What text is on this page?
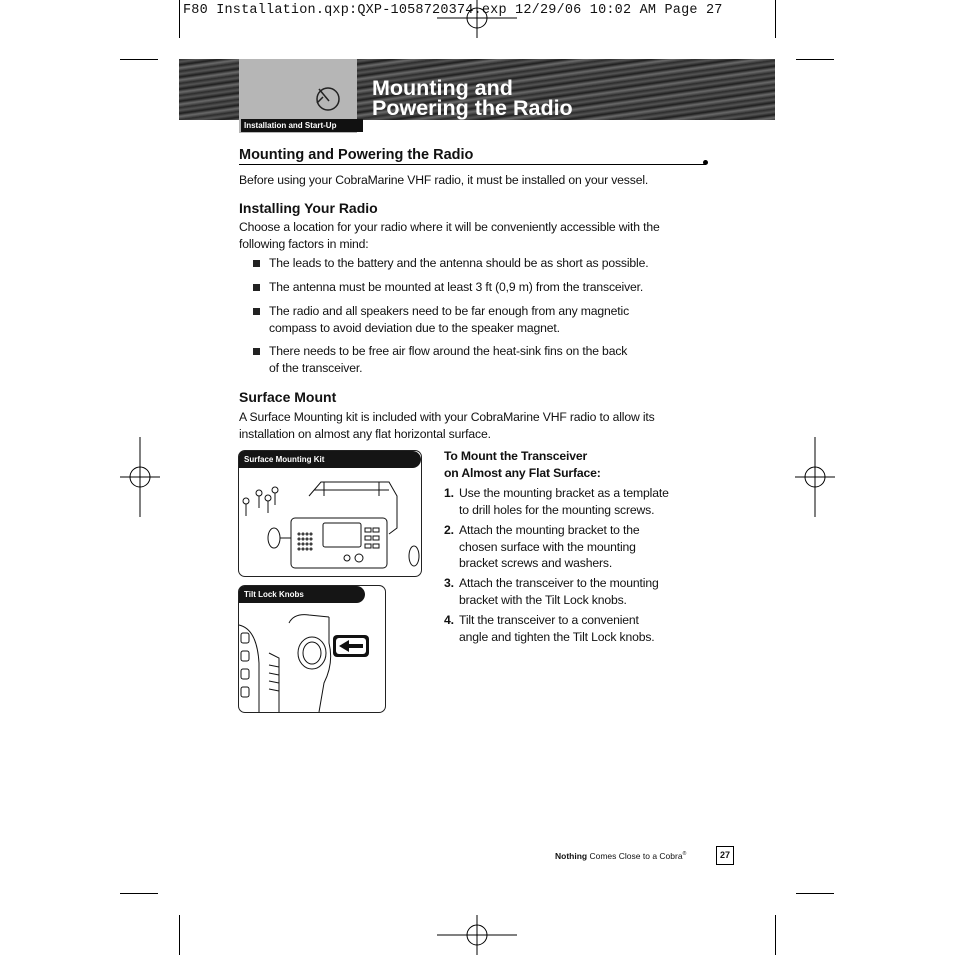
F80 Installation.qxp:QXP-1058720374.exp 12/29/06 10:02 AM Page 27
Installation and Start-Up
Mounting and
Powering the Radio
Mounting and Powering the Radio
Before using your CobraMarine VHF radio, it must be installed on your vessel.
Installing Your Radio
Choose a location for your radio where it will be conveniently accessible with the
following factors in mind:
The leads to the battery and the antenna should be as short as possible.
The antenna must be mounted at least 3 ft (0,9 m) from the transceiver.
The radio and all speakers need to be far enough from any magnetic
compass to avoid deviation due to the speaker magnet.
There needs to be free air flow around the heat-sink fins on the back
of the transceiver.
Surface Mount
A Surface Mounting kit is included with your CobraMarine VHF radio to allow its
installation on almost any flat horizontal surface.
Surface Mounting Kit
Tilt Lock Knobs
To Mount the Transceiver
on Almost any Flat Surface:
1. Use the mounting bracket as a template
to drill holes for the mounting screws.
2. Attach the mounting bracket to the
chosen surface with the mounting
bracket screws and washers.
3. Attach the transceiver to the mounting
bracket with the Tilt Lock knobs.
4. Tilt the transceiver to a convenient
angle and tighten the Tilt Lock knobs.
Nothing Comes Close to a Cobra®	27
